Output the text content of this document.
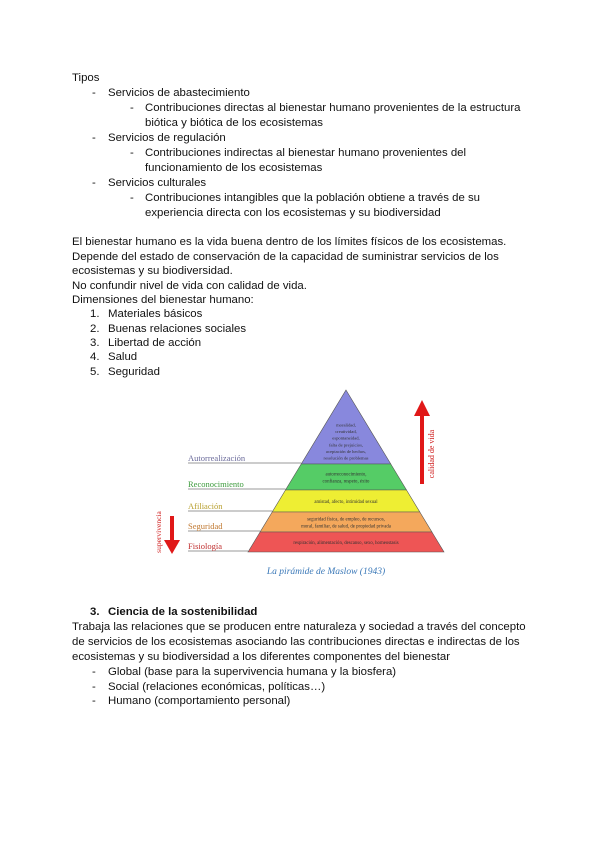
Tipos
- Servicios de abastecimiento
- Contribuciones directas al bienestar humano provenientes de la estructura
biótica y biótica de los ecosistemas
- Servicios de regulación
- Contribuciones indirectas al bienestar humano provenientes del
funcionamiento de los ecosistemas
- Servicios culturales
- Contribuciones intangibles que la población obtiene a través de su
experiencia directa con los ecosistemas y su biodiversidad
El bienestar humano es la vida buena dentro de los límites físicos de los ecosistemas.
Depende del estado de conservación de la capacidad de suministrar servicios de los
ecosistemas y su biodiversidad.
No confundir nivel de vida con calidad de vida.
Dimensiones del bienestar humano:
1. Materiales básicos
2. Buenas relaciones sociales
3. Libertad de acción
4. Salud
5. Seguridad
moralidad,
creatividad,
espontaneidad,
falta de prejuicios,
aceptación de hechos,
resolución de problemas
Autorrealización
autorreconocimiento,
confianza, respeto, éxito
Reconocimiento
amistad, afecto, intimidad sexual
Afiliación
seguridad física, de empleo, de recursos,
moral, familiar, de salud, de propiedad privada
Seguridad
respiración, alimentación, descanso, sexo, homeostasis
Fisiología
calidad de vida
supervivencia
La pirámide de Maslow (1943)
3. Ciencia de la sostenibilidad
Trabaja las relaciones que se producen entre naturaleza y sociedad a través del concepto
de servicios de los ecosistemas asociando las contribuciones directas e indirectas de los
ecosistemas y su biodiversidad a los diferentes componentes del bienestar
- Global (base para la supervivencia humana y la biosfera)
- Social (relaciones económicas, políticas…)
- Humano (comportamiento personal)
